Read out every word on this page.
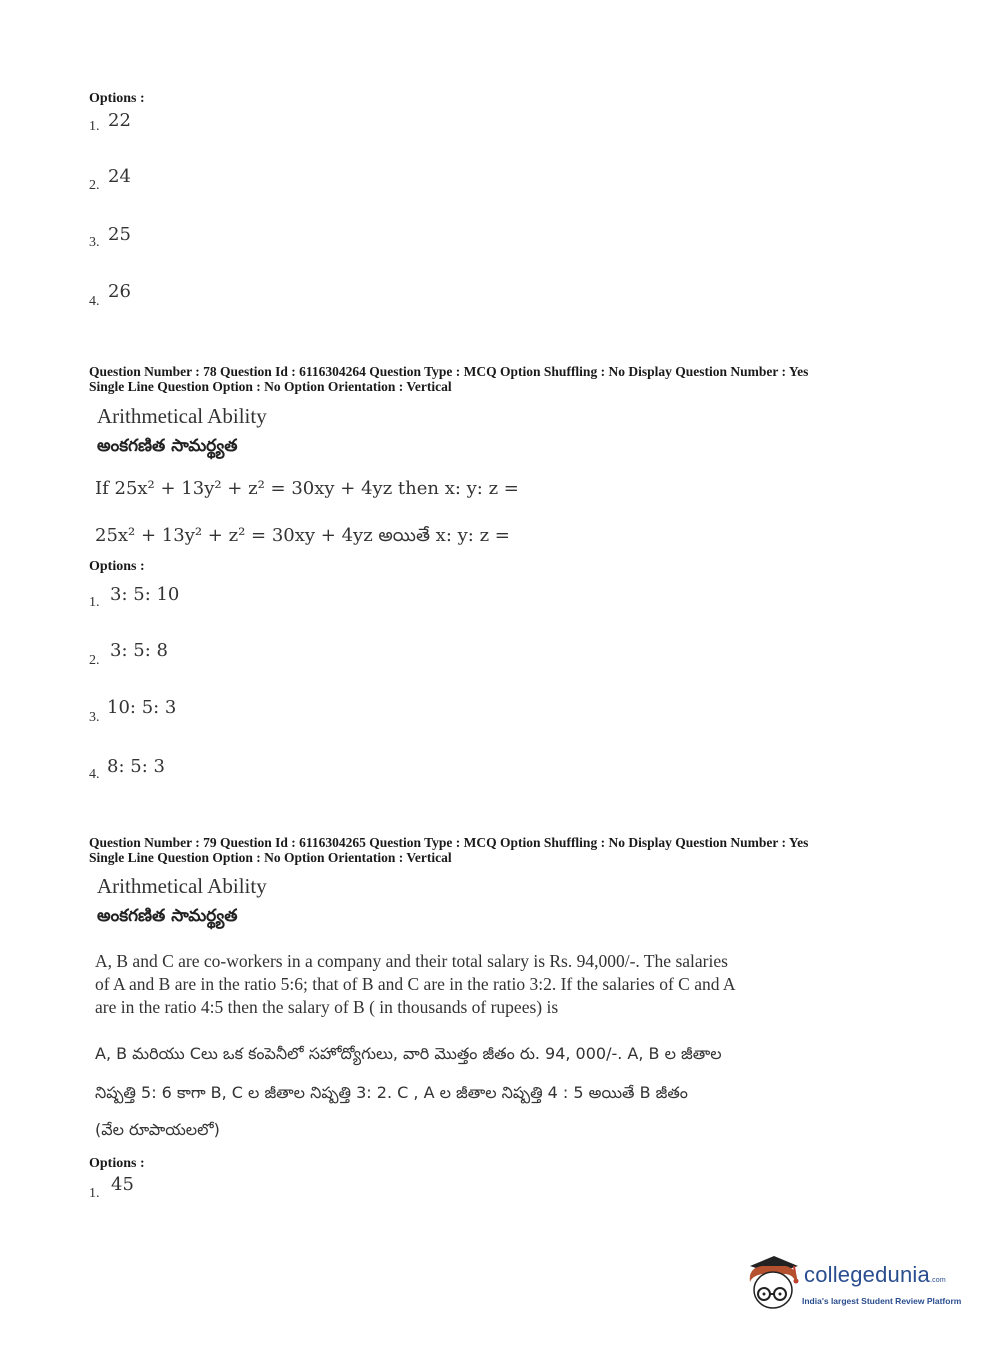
Options :
1. 22
2. 24
3. 25
4. 26
Question Number : 78 Question Id : 6116304264 Question Type : MCQ Option Shuffling : No Display Question Number : Yes
Single Line Question Option : No Option Orientation : Vertical
Arithmetical Ability
అంకగణిత సామర్థ్యత
If 25x² + 13y² + z² = 30xy + 4yz then x: y: z =
25x² + 13y² + z² = 30xy + 4yz అయితే x: y: z =
Options :
1. 3: 5: 10
2. 3: 5: 8
3. 10: 5: 3
4. 8: 5: 3
Question Number : 79 Question Id : 6116304265 Question Type : MCQ Option Shuffling : No Display Question Number : Yes
Single Line Question Option : No Option Orientation : Vertical
Arithmetical Ability
అంకగణిత సామర్థ్యత
A, B and C are co-workers in a company and their total salary is Rs. 94,000/-. The salaries
of A and B are in the ratio 5:6; that of B and C are in the ratio 3:2. If the salaries of C and A
are in the ratio 4:5 then the salary of B ( in thousands of rupees) is
A, B మరియు Cలు ఒక కంపెనీలో సహోద్యోగులు, వారి మొత్తం జీతం రు. 94, 000/-. A, B ల జీతాల
నిష్పత్తి 5: 6 కాగా B, C ల జీతాల నిష్పత్తి 3: 2. C , A ల జీతాల నిష్పత్తి 4 : 5 అయితే B జీతం
(వేల రూపాయలలో)
Options :
1. 45
collegedunia.com
India's largest Student Review Platform
